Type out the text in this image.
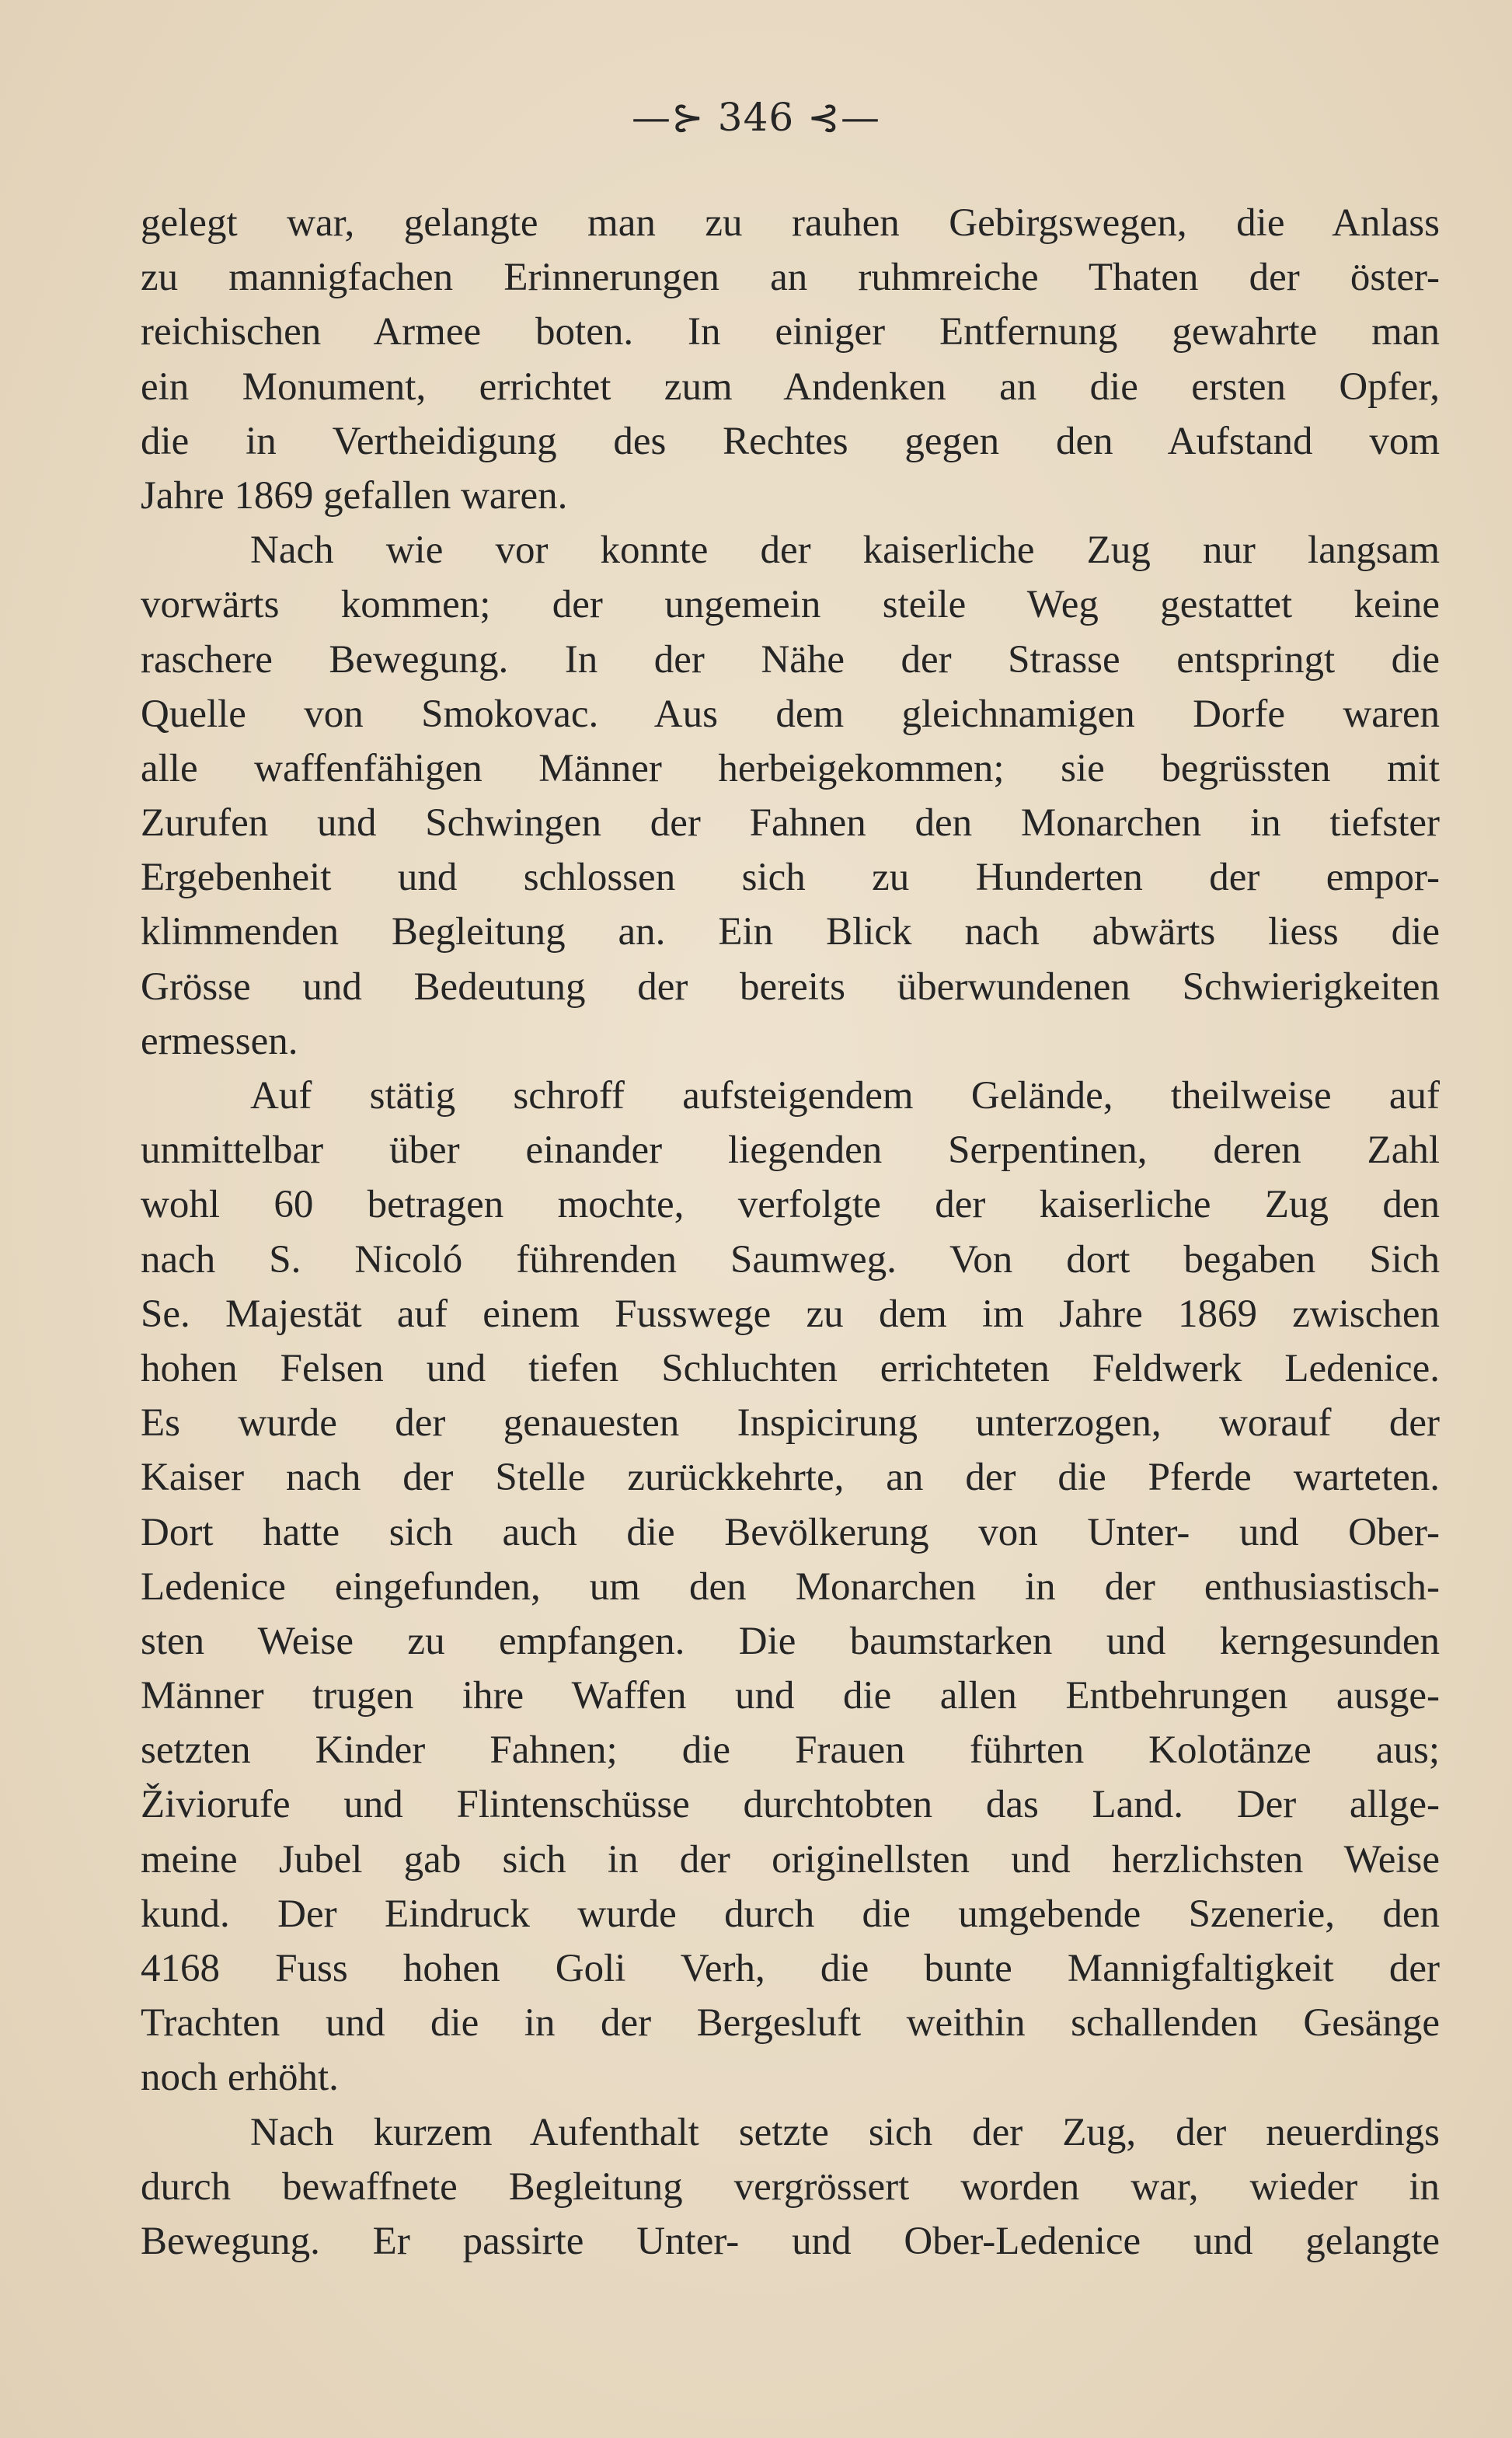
—⊱ 346 ⊰—
gelegt war, gelangte man zu rauhen Gebirgswegen, die Anlass
zu mannigfachen Erinnerungen an ruhmreiche Thaten der öster-
reichischen Armee boten. In einiger Entfernung gewahrte man
ein Monument, errichtet zum Andenken an die ersten Opfer,
die in Vertheidigung des Rechtes gegen den Aufstand vom
Jahre 1869 gefallen waren.
Nach wie vor konnte der kaiserliche Zug nur langsam
vorwärts kommen; der ungemein steile Weg gestattet keine
raschere Bewegung. In der Nähe der Strasse entspringt die
Quelle von Smokovac. Aus dem gleichnamigen Dorfe waren
alle waffenfähigen Männer herbeigekommen; sie begrüssten mit
Zurufen und Schwingen der Fahnen den Monarchen in tiefster
Ergebenheit und schlossen sich zu Hunderten der empor-
klimmenden Begleitung an. Ein Blick nach abwärts liess die
Grösse und Bedeutung der bereits überwundenen Schwierigkeiten
ermessen.
Auf stätig schroff aufsteigendem Gelände, theilweise auf
unmittelbar über einander liegenden Serpentinen, deren Zahl
wohl 60 betragen mochte, verfolgte der kaiserliche Zug den
nach S. Nicoló führenden Saumweg. Von dort begaben Sich
Se. Majestät auf einem Fusswege zu dem im Jahre 1869 zwischen
hohen Felsen und tiefen Schluchten errichteten Feldwerk Ledenice.
Es wurde der genauesten Inspicirung unterzogen, worauf der
Kaiser nach der Stelle zurückkehrte, an der die Pferde warteten.
Dort hatte sich auch die Bevölkerung von Unter- und Ober-
Ledenice eingefunden, um den Monarchen in der enthusiastisch-
sten Weise zu empfangen. Die baumstarken und kerngesunden
Männer trugen ihre Waffen und die allen Entbehrungen ausge-
setzten Kinder Fahnen; die Frauen führten Kolotänze aus;
Živiorufe und Flintenschüsse durchtobten das Land. Der allge-
meine Jubel gab sich in der originellsten und herzlichsten Weise
kund. Der Eindruck wurde durch die umgebende Szenerie, den
4168 Fuss hohen Goli Verh, die bunte Mannigfaltigkeit der
Trachten und die in der Bergesluft weithin schallenden Gesänge
noch erhöht.
Nach kurzem Aufenthalt setzte sich der Zug, der neuerdings
durch bewaffnete Begleitung vergrössert worden war, wieder in
Bewegung. Er passirte Unter- und Ober-Ledenice und gelangte
